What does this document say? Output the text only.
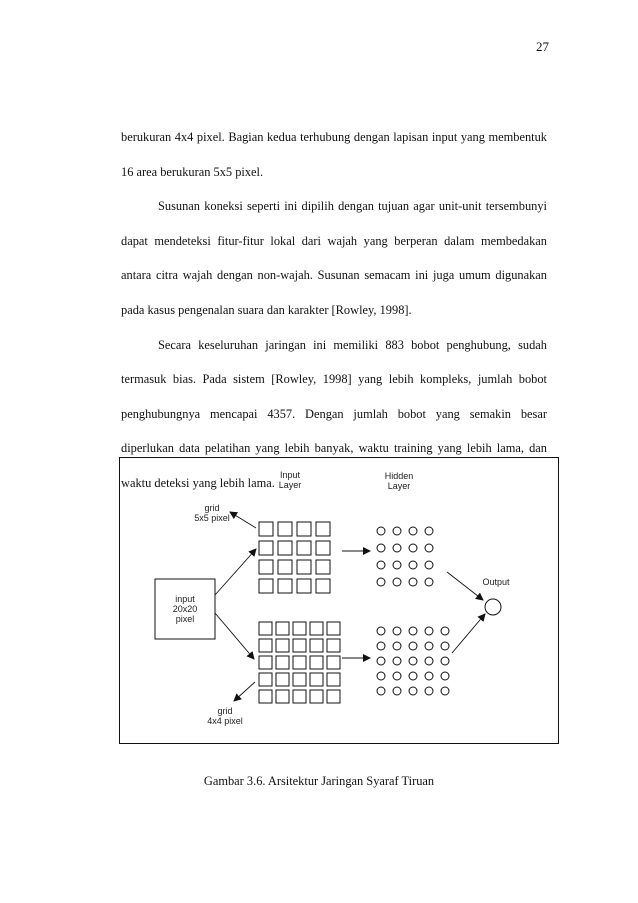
27

berukuran 4x4 pixel. Bagian kedua terhubung dengan lapisan input yang membentuk 16 area berukuran 5x5 pixel.

Susunan koneksi seperti ini dipilih dengan tujuan agar unit-unit tersembunyi dapat mendeteksi fitur-fitur lokal dari wajah yang berperan dalam membedakan antara citra wajah dengan non-wajah. Susunan semacam ini juga umum digunakan pada kasus pengenalan suara dan karakter [Rowley, 1998].

Secara keseluruhan jaringan ini memiliki 883 bobot penghubung, sudah termasuk bias. Pada sistem [Rowley, 1998] yang lebih kompleks, jumlah bobot penghubungnya mencapai 4357. Dengan jumlah bobot yang semakin besar diperlukan data pelatihan yang lebih banyak, waktu training yang lebih lama, dan waktu deteksi yang lebih lama.

Input
Layer
Hidden
Layer
grid
5x5 pixel
grid
4x4 pixel
input
20x20
pixel
Output
Gambar 3.6. Arsitektur Jaringan Syaraf Tiruan
